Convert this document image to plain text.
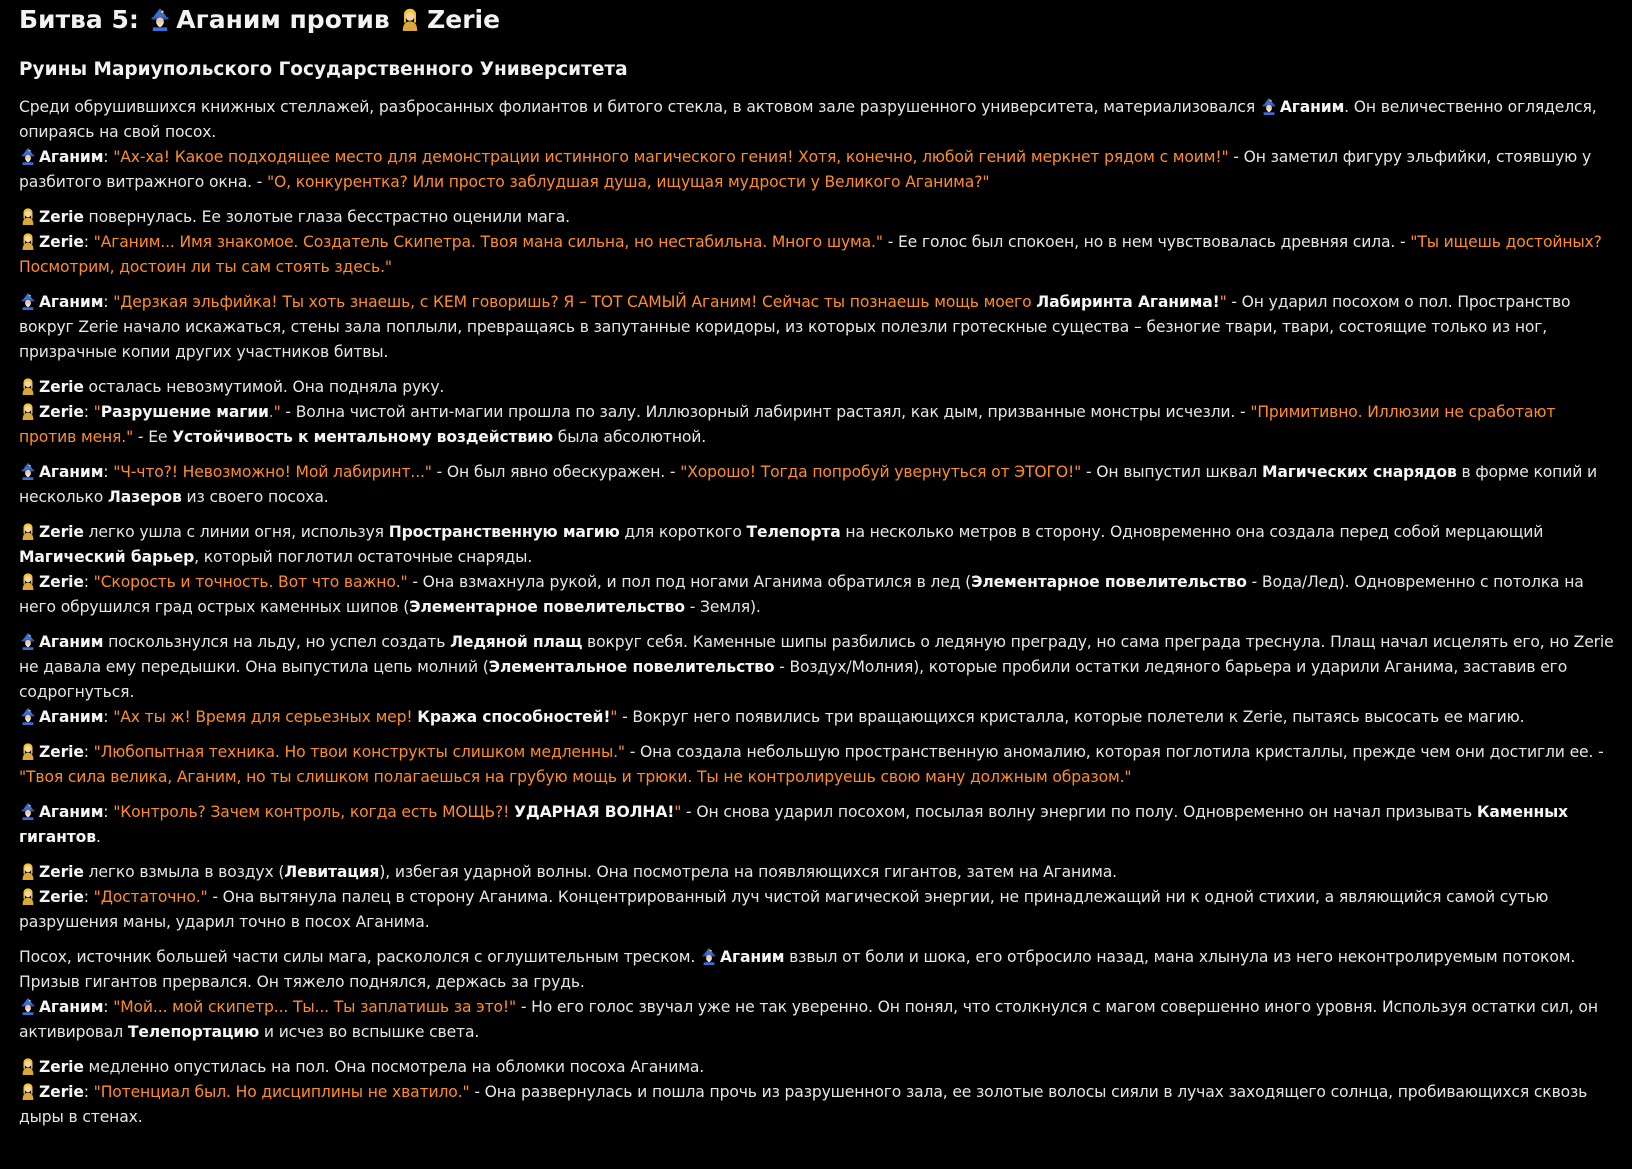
Битва 5: Аганим против Zerie
Руины Мариупольского Государственного Университета

Среди обрушившихся книжных стеллажей, разбросанных фолиантов и битого стекла, в актовом зале разрушенного университета, материализовался Аганим. Он величественно огляделся, опираясь на свой посох.

Аганим: "Ах-ха! Какое подходящее место для демонстрации истинного магического гения! Хотя, конечно, любой гений меркнет рядом с моим!" - Он заметил фигуру эльфийки, стоявшую у разбитого витражного окна. - "О, конкурентка? Или просто заблудшая душа, ищущая мудрости у Великого Аганима?"

Zerie повернулась. Ее золотые глаза бесстрастно оценили мага.

Zerie: "Аганим... Имя знакомое. Создатель Скипетра. Твоя мана сильна, но нестабильна. Много шума." - Ее голос был спокоен, но в нем чувствовалась древняя сила. - "Ты ищешь достойных? Посмотрим, достоин ли ты сам стоять здесь."

Аганим: "Дерзкая эльфийка! Ты хоть знаешь, с КЕМ говоришь? Я – ТОТ САМЫЙ Аганим! Сейчас ты познаешь мощь моего Лабиринта Аганима!" - Он ударил посохом о пол. Пространство вокруг Zerie начало искажаться, стены зала поплыли, превращаясь в запутанные коридоры, из которых полезли гротескные существа – безногие твари, твари, состоящие только из ног, призрачные копии других участников битвы.

Zerie осталась невозмутимой. Она подняла руку.

Zerie: "Разрушение магии." - Волна чистой анти-магии прошла по залу. Иллюзорный лабиринт растаял, как дым, призванные монстры исчезли. - "Примитивно. Иллюзии не сработают против меня." - Ее Устойчивость к ментальному воздействию была абсолютной.

Аганим: "Ч-что?! Невозможно! Мой лабиринт..." - Он был явно обескуражен. - "Хорошо! Тогда попробуй увернуться от ЭТОГО!" - Он выпустил шквал Магических снарядов в форме копий и несколько Лазеров из своего посоха.

Zerie легко ушла с линии огня, используя Пространственную магию для короткого Телепорта на несколько метров в сторону. Одновременно она создала перед собой мерцающий Магический барьер, который поглотил остаточные снаряды.

Zerie: "Скорость и точность. Вот что важно." - Она взмахнула рукой, и пол под ногами Аганима обратился в лед (Элементарное повелительство - Вода/Лед). Одновременно с потолка на него обрушился град острых каменных шипов (Элементарное повелительство - Земля).

Аганим поскользнулся на льду, но успел создать Ледяной плащ вокруг себя. Каменные шипы разбились о ледяную преграду, но сама преграда треснула. Плащ начал исцелять его, но Zerie не давала ему передышки. Она выпустила цепь молний (Элементальное повелительство - Воздух/Молния), которые пробили остатки ледяного барьера и ударили Аганима, заставив его содрогнуться.

Аганим: "Ах ты ж! Время для серьезных мер! Кража способностей!" - Вокруг него появились три вращающихся кристалла, которые полетели к Zerie, пытаясь высосать ее магию.

Zerie: "Любопытная техника. Но твои конструкты слишком медленны." - Она создала небольшую пространственную аномалию, которая поглотила кристаллы, прежде чем они достигли ее. - "Твоя сила велика, Аганим, но ты слишком полагаешься на грубую мощь и трюки. Ты не контролируешь свою ману должным образом."

Аганим: "Контроль? Зачем контроль, когда есть МОЩЬ?! УДАРНАЯ ВОЛНА!" - Он снова ударил посохом, посылая волну энергии по полу. Одновременно он начал призывать Каменных гигантов.

Zerie легко взмыла в воздух (Левитация), избегая ударной волны. Она посмотрела на появляющихся гигантов, затем на Аганима.

Zerie: "Достаточно." - Она вытянула палец в сторону Аганима. Концентрированный луч чистой магической энергии, не принадлежащий ни к одной стихии, а являющийся самой сутью разрушения маны, ударил точно в посох Аганима.

Посох, источник большей части силы мага, раскололся с оглушительным треском. Аганим взвыл от боли и шока, его отбросило назад, мана хлынула из него неконтролируемым потоком. Призыв гигантов прервался. Он тяжело поднялся, держась за грудь.

Аганим: "Мой... мой скипетр... Ты... Ты заплатишь за это!" - Но его голос звучал уже не так уверенно. Он понял, что столкнулся с магом совершенно иного уровня. Используя остатки сил, он активировал Телепортацию и исчез во вспышке света.

Zerie медленно опустилась на пол. Она посмотрела на обломки посоха Аганима.

Zerie: "Потенциал был. Но дисциплины не хватило." - Она развернулась и пошла прочь из разрушенного зала, ее золотые волосы сияли в лучах заходящего солнца, пробивающихся сквозь дыры в стенах.
